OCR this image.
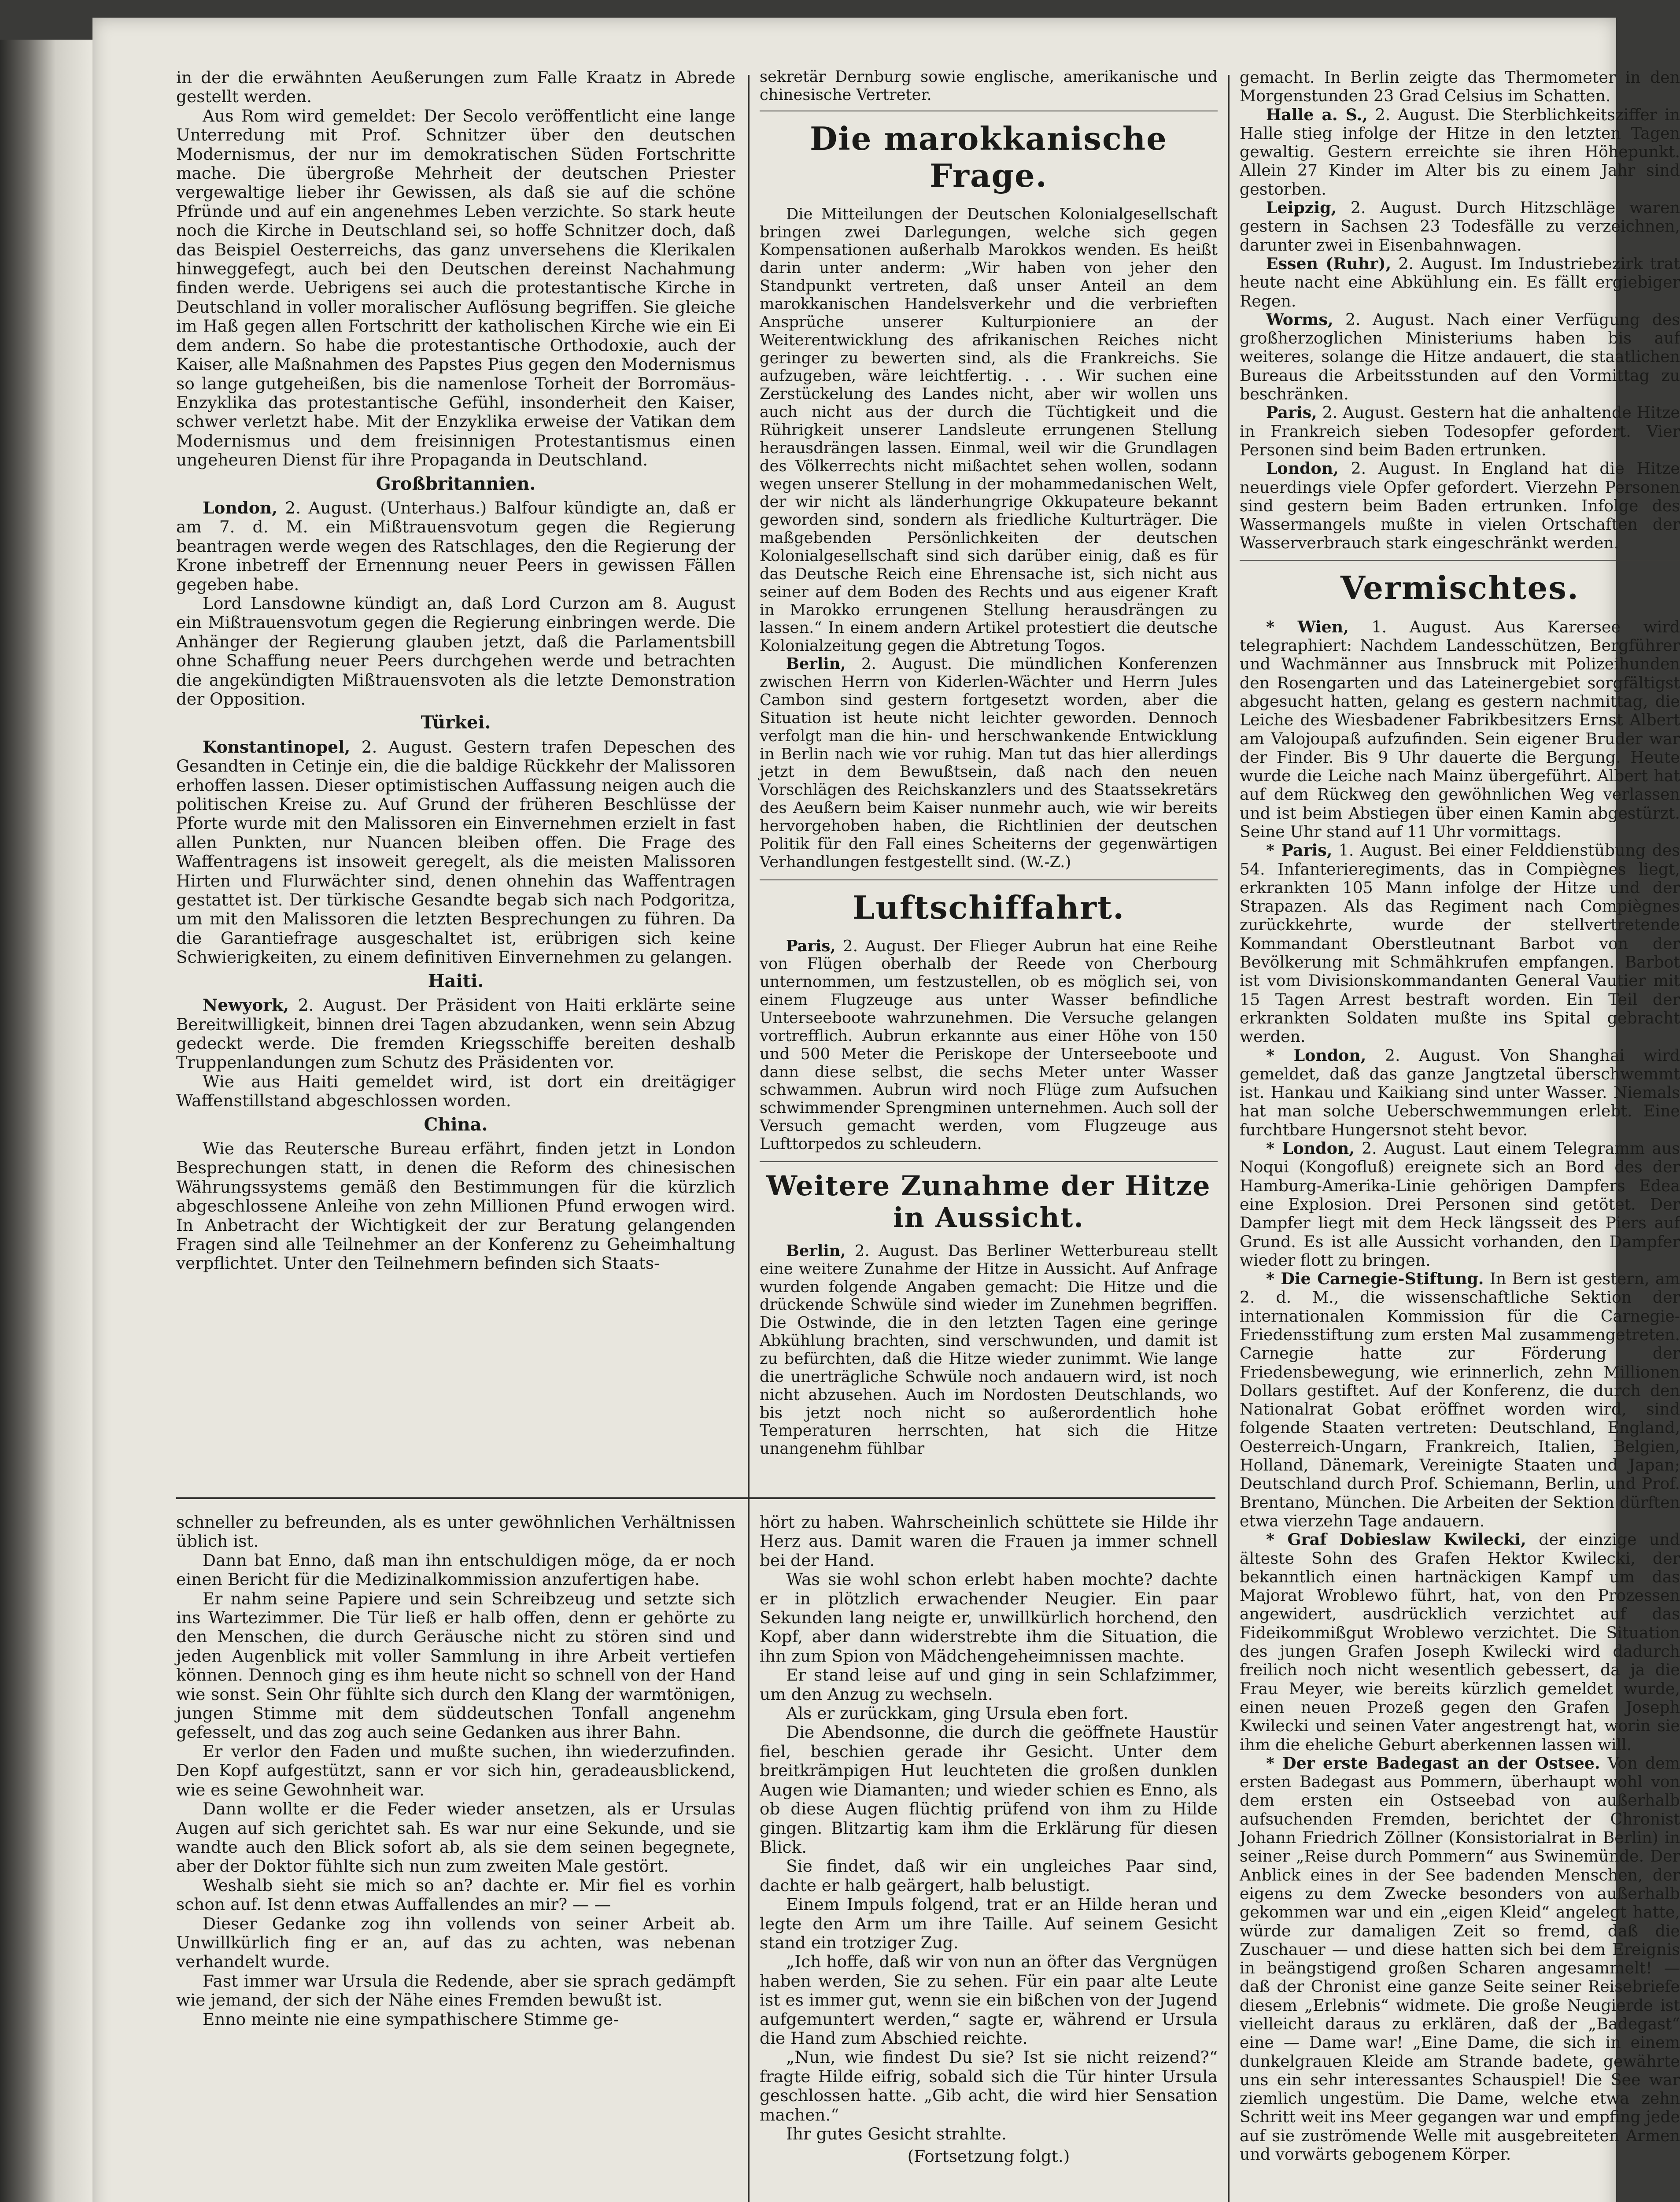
in der die erwähnten Aeußerungen zum Falle Kraatz in Abrede gestellt werden.

Aus Rom wird gemeldet: Der Secolo veröffentlicht eine lange Unterredung mit Prof. Schnitzer über den deutschen Modernismus, der nur im demokratischen Süden Fortschritte mache. Die übergroße Mehrheit der deutschen Priester vergewaltige lieber ihr Gewissen, als daß sie auf die schöne Pfründe und auf ein angenehmes Leben verzichte. So stark heute noch die Kirche in Deutschland sei, so hoffe Schnitzer doch, daß das Beispiel Oesterreichs, das ganz unversehens die Klerikalen hinweggefegt, auch bei den Deutschen dereinst Nachahmung finden werde. Uebrigens sei auch die protestantische Kirche in Deutschland in voller moralischer Auflösung begriffen. Sie gleiche im Haß gegen allen Fortschritt der katholischen Kirche wie ein Ei dem andern. So habe die protestantische Orthodoxie, auch der Kaiser, alle Maßnahmen des Papstes Pius gegen den Modernismus so lange gutgeheißen, bis die namenlose Torheit der Borromäus-Enzyklika das protestantische Gefühl, insonderheit den Kaiser, schwer verletzt habe. Mit der Enzyklika erweise der Vatikan dem Modernismus und dem freisinnigen Protestantismus einen ungeheuren Dienst für ihre Propaganda in Deutschland.

Großbritannien.

London, 2. August. (Unterhaus.) Balfour kündigte an, daß er am 7. d. M. ein Mißtrauensvotum gegen die Regierung beantragen werde wegen des Ratschlages, den die Regierung der Krone inbetreff der Ernennung neuer Peers in gewissen Fällen gegeben habe.

Lord Lansdowne kündigt an, daß Lord Curzon am 8. August ein Mißtrauensvotum gegen die Regierung einbringen werde. Die Anhänger der Regierung glauben jetzt, daß die Parlamentsbill ohne Schaffung neuer Peers durchgehen werde und betrachten die angekündigten Mißtrauensvoten als die letzte Demonstration der Opposition.

Türkei.

Konstantinopel, 2. August. Gestern trafen Depeschen des Gesandten in Cetinje ein, die die baldige Rückkehr der Malissoren erhoffen lassen. Dieser optimistischen Auffassung neigen auch die politischen Kreise zu. Auf Grund der früheren Beschlüsse der Pforte wurde mit den Malissoren ein Einvernehmen erzielt in fast allen Punkten, nur Nuancen bleiben offen. Die Frage des Waffentragens ist insoweit geregelt, als die meisten Malissoren Hirten und Flurwächter sind, denen ohnehin das Waffentragen gestattet ist. Der türkische Gesandte begab sich nach Podgoritza, um mit den Malissoren die letzten Besprechungen zu führen. Da die Garantiefrage ausgeschaltet ist, erübrigen sich keine Schwierigkeiten, zu einem definitiven Einvernehmen zu gelangen.

Haiti.

Newyork, 2. August. Der Präsident von Haiti erklärte seine Bereitwilligkeit, binnen drei Tagen abzudanken, wenn sein Abzug gedeckt werde. Die fremden Kriegsschiffe bereiten deshalb Truppenlandungen zum Schutz des Präsidenten vor.

Wie aus Haiti gemeldet wird, ist dort ein dreitägiger Waffenstillstand abgeschlossen worden.

China.

Wie das Reutersche Bureau erfährt, finden jetzt in London Besprechungen statt, in denen die Reform des chinesischen Währungssystems gemäß den Bestimmungen für die kürzlich abgeschlossene Anleihe von zehn Millionen Pfund erwogen wird. In Anbetracht der Wichtigkeit der zur Beratung gelangenden Fragen sind alle Teilnehmer an der Konferenz zu Geheimhaltung verpflichtet. Unter den Teilnehmern befinden sich Staats-

sekretär Dernburg sowie englische, amerikanische und chinesische Vertreter.

Die marokkanische Frage.

Die Mitteilungen der Deutschen Kolonialgesellschaft bringen zwei Darlegungen, welche sich gegen Kompensationen außerhalb Marokkos wenden. Es heißt darin unter anderm: „Wir haben von jeher den Standpunkt vertreten, daß unser Anteil an dem marokkanischen Handelsverkehr und die verbrieften Ansprüche unserer Kulturpioniere an der Weiterentwicklung des afrikanischen Reiches nicht geringer zu bewerten sind, als die Frankreichs. Sie aufzugeben, wäre leichtfertig. . . . Wir suchen eine Zerstückelung des Landes nicht, aber wir wollen uns auch nicht aus der durch die Tüchtigkeit und die Rührigkeit unserer Landsleute errungenen Stellung herausdrängen lassen. Einmal, weil wir die Grundlagen des Völkerrechts nicht mißachtet sehen wollen, sodann wegen unserer Stellung in der mohammedanischen Welt, der wir nicht als länderhungrige Okkupateure bekannt geworden sind, sondern als friedliche Kulturträger. Die maßgebenden Persönlichkeiten der deutschen Kolonialgesellschaft sind sich darüber einig, daß es für das Deutsche Reich eine Ehrensache ist, sich nicht aus seiner auf dem Boden des Rechts und aus eigener Kraft in Marokko errungenen Stellung herausdrängen zu lassen.“ In einem andern Artikel protestiert die deutsche Kolonialzeitung gegen die Abtretung Togos.

Berlin, 2. August. Die mündlichen Konferenzen zwischen Herrn von Kiderlen-Wächter und Herrn Jules Cambon sind gestern fortgesetzt worden, aber die Situation ist heute nicht leichter geworden. Dennoch verfolgt man die hin- und herschwankende Entwicklung in Berlin nach wie vor ruhig. Man tut das hier allerdings jetzt in dem Bewußtsein, daß nach den neuen Vorschlägen des Reichskanzlers und des Staatssekretärs des Aeußern beim Kaiser nunmehr auch, wie wir bereits hervorgehoben haben, die Richtlinien der deutschen Politik für den Fall eines Scheiterns der gegenwärtigen Verhandlungen festgestellt sind. (W.-Z.)

Luftschiffahrt.

Paris, 2. August. Der Flieger Aubrun hat eine Reihe von Flügen oberhalb der Reede von Cherbourg unternommen, um festzustellen, ob es möglich sei, von einem Flugzeuge aus unter Wasser befindliche Unterseeboote wahrzunehmen. Die Versuche gelangen vortrefflich. Aubrun erkannte aus einer Höhe von 150 und 500 Meter die Periskope der Unterseeboote und dann diese selbst, die sechs Meter unter Wasser schwammen. Aubrun wird noch Flüge zum Aufsuchen schwimmender Sprengminen unternehmen. Auch soll der Versuch gemacht werden, vom Flugzeuge aus Lufttorpedos zu schleudern.

Weitere Zunahme der Hitze in Aussicht.

Berlin, 2. August. Das Berliner Wetterbureau stellt eine weitere Zunahme der Hitze in Aussicht. Auf Anfrage wurden folgende Angaben gemacht: Die Hitze und die drückende Schwüle sind wieder im Zunehmen begriffen. Die Ostwinde, die in den letzten Tagen eine geringe Abkühlung brachten, sind verschwunden, und damit ist zu befürchten, daß die Hitze wieder zunimmt. Wie lange die unerträgliche Schwüle noch andauern wird, ist noch nicht abzusehen. Auch im Nordosten Deutschlands, wo bis jetzt noch nicht so außerordentlich hohe Temperaturen herrschten, hat sich die Hitze unangenehm fühlbar

gemacht. In Berlin zeigte das Thermometer in den Morgenstunden 23 Grad Celsius im Schatten.

Halle a. S., 2. August. Die Sterblichkeitsziffer in Halle stieg infolge der Hitze in den letzten Tagen gewaltig. Gestern erreichte sie ihren Höhepunkt. Allein 27 Kinder im Alter bis zu einem Jahr sind gestorben.

Leipzig, 2. August. Durch Hitzschläge waren gestern in Sachsen 23 Todesfälle zu verzeichnen, darunter zwei in Eisenbahnwagen.

Essen (Ruhr), 2. August. Im Industriebezirk trat heute nacht eine Abkühlung ein. Es fällt ergiebiger Regen.

Worms, 2. August. Nach einer Verfügung des großherzoglichen Ministeriums haben bis auf weiteres, solange die Hitze andauert, die staatlichen Bureaus die Arbeitsstunden auf den Vormittag zu beschränken.

Paris, 2. August. Gestern hat die anhaltende Hitze in Frankreich sieben Todesopfer gefordert. Vier Personen sind beim Baden ertrunken.

London, 2. August. In England hat die Hitze neuerdings viele Opfer gefordert. Vierzehn Personen sind gestern beim Baden ertrunken. Infolge des Wassermangels mußte in vielen Ortschaften der Wasserverbrauch stark eingeschränkt werden.

Vermischtes.

* Wien, 1. August. Aus Karersee wird telegraphiert: Nachdem Landesschützen, Bergführer und Wachmänner aus Innsbruck mit Polizeihunden den Rosengarten und das Lateinergebiet sorgfältigst abgesucht hatten, gelang es gestern nachmittag, die Leiche des Wiesbadener Fabrikbesitzers Ernst Albert am Valojoupaß aufzufinden. Sein eigener Bruder war der Finder. Bis 9 Uhr dauerte die Bergung. Heute wurde die Leiche nach Mainz übergeführt. Albert hat auf dem Rückweg den gewöhnlichen Weg verlassen und ist beim Abstiegen über einen Kamin abgestürzt. Seine Uhr stand auf 11 Uhr vormittags.

* Paris, 1. August. Bei einer Felddienstübung des 54. Infanterieregiments, das in Compiègnes liegt, erkrankten 105 Mann infolge der Hitze und der Strapazen. Als das Regiment nach Compiègnes zurückkehrte, wurde der stellvertretende Kommandant Oberstleutnant Barbot von der Bevölkerung mit Schmähkrufen empfangen. Barbot ist vom Divisionskommandanten General Vautier mit 15 Tagen Arrest bestraft worden. Ein Teil der erkrankten Soldaten mußte ins Spital gebracht werden.

* London, 2. August. Von Shanghai wird gemeldet, daß das ganze Jangtzetal überschwemmt ist. Hankau und Kaikiang sind unter Wasser. Niemals hat man solche Ueberschwemmungen erlebt. Eine furchtbare Hungersnot steht bevor.

* London, 2. August. Laut einem Telegramm aus Noqui (Kongofluß) ereignete sich an Bord des der Hamburg-Amerika-Linie gehörigen Dampfers Edea eine Explosion. Drei Personen sind getötet. Der Dampfer liegt mit dem Heck längsseit des Piers auf Grund. Es ist alle Aussicht vorhanden, den Dampfer wieder flott zu bringen.

* Die Carnegie-Stiftung. In Bern ist gestern, am 2. d. M., die wissenschaftliche Sektion der internationalen Kommission für die Carnegie-Friedensstiftung zum ersten Mal zusammengetreten. Carnegie hatte zur Förderung der Friedensbewegung, wie erinnerlich, zehn Millionen Dollars gestiftet. Auf der Konferenz, die durch den Nationalrat Gobat eröffnet worden wird, sind folgende Staaten vertreten: Deutschland, England, Oesterreich-Ungarn, Frankreich, Italien, Belgien, Holland, Dänemark, Vereinigte Staaten und Japan; Deutschland durch Prof. Schiemann, Berlin, und Prof. Brentano, München. Die Arbeiten der Sektion dürften etwa vierzehn Tage andauern.

* Graf Dobieslaw Kwilecki, der einzige und älteste Sohn des Grafen Hektor Kwilecki, der bekanntlich einen hartnäckigen Kampf um das Majorat Wroblewo führt, hat, von den Prozessen angewidert, ausdrücklich verzichtet auf das Fideikommißgut Wroblewo verzichtet. Die Situation des jungen Grafen Joseph Kwilecki wird dadurch freilich noch nicht wesentlich gebessert, da ja die Frau Meyer, wie bereits kürzlich gemeldet wurde, einen neuen Prozeß gegen den Grafen Joseph Kwilecki und seinen Vater angestrengt hat, worin sie ihm die eheliche Geburt aberkennen lassen will.

* Der erste Badegast an der Ostsee. Von dem ersten Badegast aus Pommern, überhaupt wohl von dem ersten ein Ostseebad von außerhalb aufsuchenden Fremden, berichtet der Chronist Johann Friedrich Zöllner (Konsistorialrat in Berlin) in seiner „Reise durch Pommern“ aus Swinemünde. Der Anblick eines in der See badenden Menschen, der eigens zu dem Zwecke besonders von außerhalb gekommen war und ein „eigen Kleid“ angelegt hatte, würde zur damaligen Zeit so fremd, daß die Zuschauer — und diese hatten sich bei dem Ereignis in beängstigend großen Scharen angesammelt! — daß der Chronist eine ganze Seite seiner Reisebriefe diesem „Erlebnis“ widmete. Die große Neugierde ist vielleicht daraus zu erklären, daß der „Badegast“ eine — Dame war! „Eine Dame, die sich in einem dunkelgrauen Kleide am Strande badete, gewährte uns ein sehr interessantes Schauspiel! Die See war ziemlich ungestüm. Die Dame, welche etwa zehn Schritt weit ins Meer gegangen war und empfing jede auf sie zuströmende Welle mit ausgebreiteten Armen und vorwärts gebogenem Körper.

schneller zu befreunden, als es unter gewöhnlichen Verhältnissen üblich ist.

Dann bat Enno, daß man ihn entschuldigen möge, da er noch einen Bericht für die Medizinalkommission anzufertigen habe.

Er nahm seine Papiere und sein Schreibzeug und setzte sich ins Wartezimmer. Die Tür ließ er halb offen, denn er gehörte zu den Menschen, die durch Geräusche nicht zu stören sind und jeden Augenblick mit voller Sammlung in ihre Arbeit vertiefen können. Dennoch ging es ihm heute nicht so schnell von der Hand wie sonst. Sein Ohr fühlte sich durch den Klang der warmtönigen, jungen Stimme mit dem süddeutschen Tonfall angenehm gefesselt, und das zog auch seine Gedanken aus ihrer Bahn.

Er verlor den Faden und mußte suchen, ihn wiederzufinden. Den Kopf aufgestützt, sann er vor sich hin, geradeausblickend, wie es seine Gewohnheit war.

Dann wollte er die Feder wieder ansetzen, als er Ursulas Augen auf sich gerichtet sah. Es war nur eine Sekunde, und sie wandte auch den Blick sofort ab, als sie dem seinen begegnete, aber der Doktor fühlte sich nun zum zweiten Male gestört.

Weshalb sieht sie mich so an? dachte er. Mir fiel es vorhin schon auf. Ist denn etwas Auffallendes an mir? — —

Dieser Gedanke zog ihn vollends von seiner Arbeit ab. Unwillkürlich fing er an, auf das zu achten, was nebenan verhandelt wurde.

Fast immer war Ursula die Redende, aber sie sprach gedämpft wie jemand, der sich der Nähe eines Fremden bewußt ist.

Enno meinte nie eine sympathischere Stimme ge-

hört zu haben. Wahrscheinlich schüttete sie Hilde ihr Herz aus. Damit waren die Frauen ja immer schnell bei der Hand.

Was sie wohl schon erlebt haben mochte? dachte er in plötzlich erwachender Neugier. Ein paar Sekunden lang neigte er, unwillkürlich horchend, den Kopf, aber dann widerstrebte ihm die Situation, die ihn zum Spion von Mädchengeheimnissen machte.

Er stand leise auf und ging in sein Schlafzimmer, um den Anzug zu wechseln.

Als er zurückkam, ging Ursula eben fort.

Die Abendsonne, die durch die geöffnete Haustür fiel, beschien gerade ihr Gesicht. Unter dem breitkrämpigen Hut leuchteten die großen dunklen Augen wie Diamanten; und wieder schien es Enno, als ob diese Augen flüchtig prüfend von ihm zu Hilde gingen. Blitzartig kam ihm die Erklärung für diesen Blick.

Sie findet, daß wir ein ungleiches Paar sind, dachte er halb geärgert, halb belustigt.

Einem Impuls folgend, trat er an Hilde heran und legte den Arm um ihre Taille. Auf seinem Gesicht stand ein trotziger Zug.

„Ich hoffe, daß wir von nun an öfter das Vergnügen haben werden, Sie zu sehen. Für ein paar alte Leute ist es immer gut, wenn sie ein bißchen von der Jugend aufgemuntert werden,“ sagte er, während er Ursula die Hand zum Abschied reichte.

„Nun, wie findest Du sie? Ist sie nicht reizend?“ fragte Hilde eifrig, sobald sich die Tür hinter Ursula geschlossen hatte. „Gib acht, die wird hier Sensation machen.“

Ihr gutes Gesicht strahlte.

(Fortsetzung folgt.)
